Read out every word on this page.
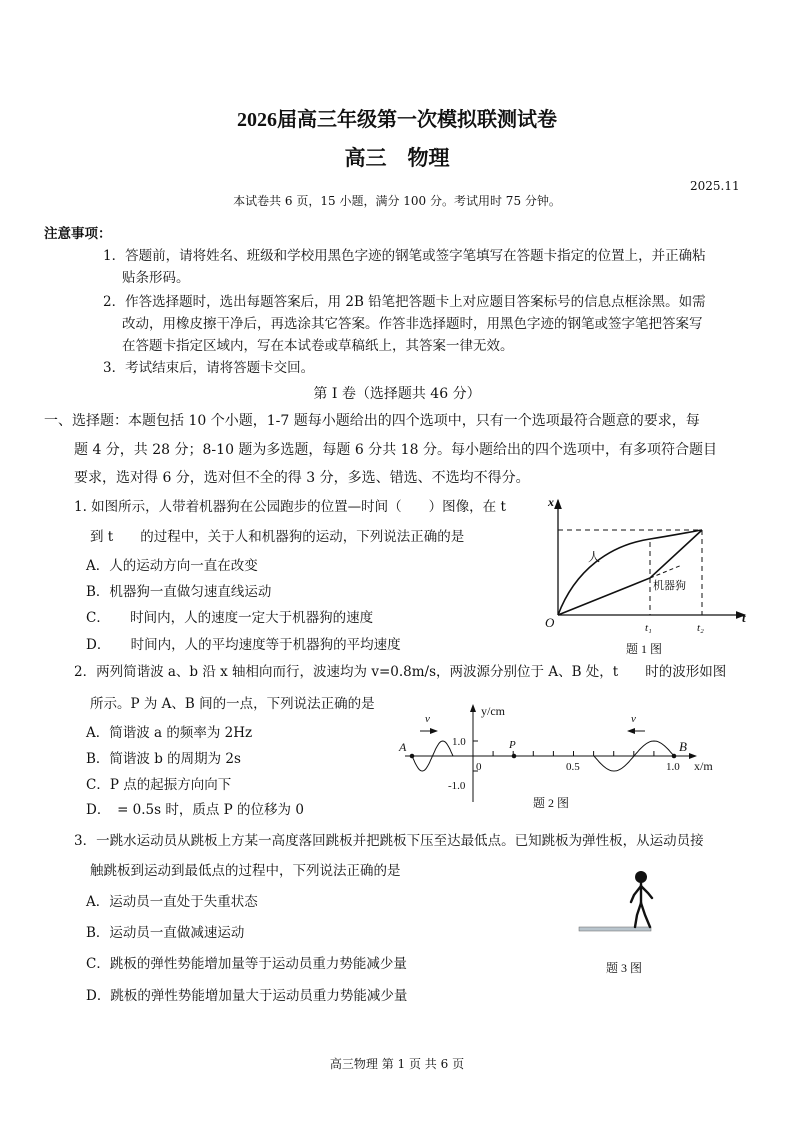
2026届高三年级第一次模拟联测试卷
高三　物理
2025.11
本试卷共 6 页，15 小题，满分 100 分。考试用时 75 分钟。
注意事项：
1．答题前，请将姓名、班级和学校用黑色字迹的钢笔或签字笔填写在答题卡指定的位置上，并正确粘
贴条形码。
2．作答选择题时，选出每题答案后，用 2B 铅笔把答题卡上对应题目答案标号的信息点框涂黑。如需
改动，用橡皮擦干净后，再选涂其它答案。作答非选择题时，用黑色字迹的钢笔或签字笔把答案写
在答题卡指定区域内，写在本试卷或草稿纸上，其答案一律无效。
3．考试结束后，请将答题卡交回。
第 I 卷（选择题共 46 分）
一、选择题：本题包括 10 个小题，1-7 题每小题给出的四个选项中，只有一个选项最符合题意的要求，每
题 4 分，共 28 分；8-10 题为多选题，每题 6 分共 18 分。每小题给出的四个选项中，有多项符合题目
要求，选对得 6 分，选对但不全的得 3 分，多选、错选、不选均不得分。
1. 如图所示，人带着机器狗在公园跑步的位置—时间（　　）图像，在 t
到 t　　的过程中，关于人和机器狗的运动，下列说法正确的是
A．人的运动方向一直在改变
B．机器狗一直做匀速直线运动
C．　　时间内，人的速度一定大于机器狗的速度
D．　　时间内，人的平均速度等于机器狗的平均速度
x
t
O	t₁	t₂
人
机器狗
题 1 图
2．两列简谐波 a、b 沿 x 轴相向而行，波速均为 v=0.8m/s，两波源分别位于 A、B 处，t　　时的波形如图
所示。P 为 A、B 间的一点，下列说法正确的是
A．简谐波 a 的频率为 2Hz
B．简谐波 b 的周期为 2s
C．P 点的起振方向向下
D．　= 0.5s 时，质点 P 的位移为 0
A	P	B
y/cm
x/m
1.0
-1.0
0	0.5	1.0
v	v
题 2 图
3．一跳水运动员从跳板上方某一高度落回跳板并把跳板下压至达最低点。已知跳板为弹性板，从运动员接
触跳板到运动到最低点的过程中，下列说法正确的是
A．运动员一直处于失重状态
B．运动员一直做减速运动
C．跳板的弹性势能增加量等于运动员重力势能减少量
D．跳板的弹性势能增加量大于运动员重力势能减少量
题 3 图
高三物理 第 1 页 共 6 页
